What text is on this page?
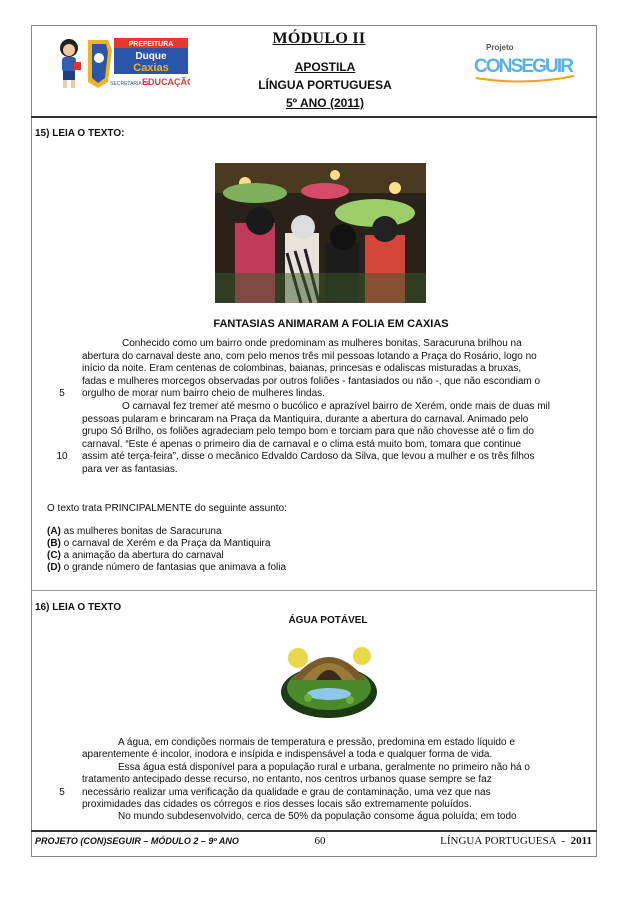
PREFEITURA
Duque
Caxias
SECRETARIA DE
EDUCAÇÃO
Projeto
CONSEGUIR
MÓDULO II
APOSTILA
LÍNGUA PORTUGUESA
5º ANO (2011)
15) LEIA O TEXTO:
FANTASIAS ANIMARAM A FOLIA EM CAXIAS
Conhecido como um bairro onde predominam as mulheres bonitas, Saracuruna brilhou na
abertura do carnaval deste ano, com pelo menos três mil pessoas lotando a Praça do Rosário, logo no
início da noite. Eram centenas de colombinas, baianas, princesas e odaliscas misturadas a bruxas,
fadas e mulheres morcegos observadas por outros foliões - fantasiados ou não -, que não escondiam o
5	orgulho de morar num bairro cheio de mulheres lindas.
O carnaval fez tremer até mesmo o bucólico e aprazível bairro de Xerém, onde mais de duas mil
pessoas pularam e brincaram na Praça da Mantiquira, durante a abertura do carnaval. Animado pelo
grupo Só Brilho, os foliões agradeciam pelo tempo bom e torciam para que não chovesse até o fim do
carnaval. “Este é apenas o primeiro dia de carnaval e o clima está muito bom, tomara que continue
10	assim até terça-feira”, disse o mecânico Edvaldo Cardoso da Silva, que levou a mulher e os três filhos
para ver as fantasias.
O texto trata PRINCIPALMENTE do seguinte assunto:
(A) as mulheres bonitas de Saracuruna
(B) o carnaval de Xerém e da Praça da Mantiquira
(C) a animação da abertura do carnaval
(D) o grande número de fantasias que animava a folia
16) LEIA O TEXTO
ÁGUA POTÁVEL
A água, em condições normais de temperatura e pressão, predomina em estado líquido e
aparentemente é incolor, inodora e insípida e indispensável a toda e qualquer forma de vida.
Essa água está disponível para a população rural e urbana, geralmente no primeiro não há o
tratamento antecipado desse recurso, no entanto, nos centros urbanos quase sempre se faz
5	necessário realizar uma verificação da qualidade e grau de contaminação, uma vez que nas
proximidades das cidades os córregos e rios desses locais são extremamente poluídos.
No mundo subdesenvolvido, cerca de 50% da população consome água poluída; em todo
PROJETO (CON)SEGUIR – MÓDULO 2 – 9º ANO	60	LÍNGUA PORTUGUESA  -  2011
